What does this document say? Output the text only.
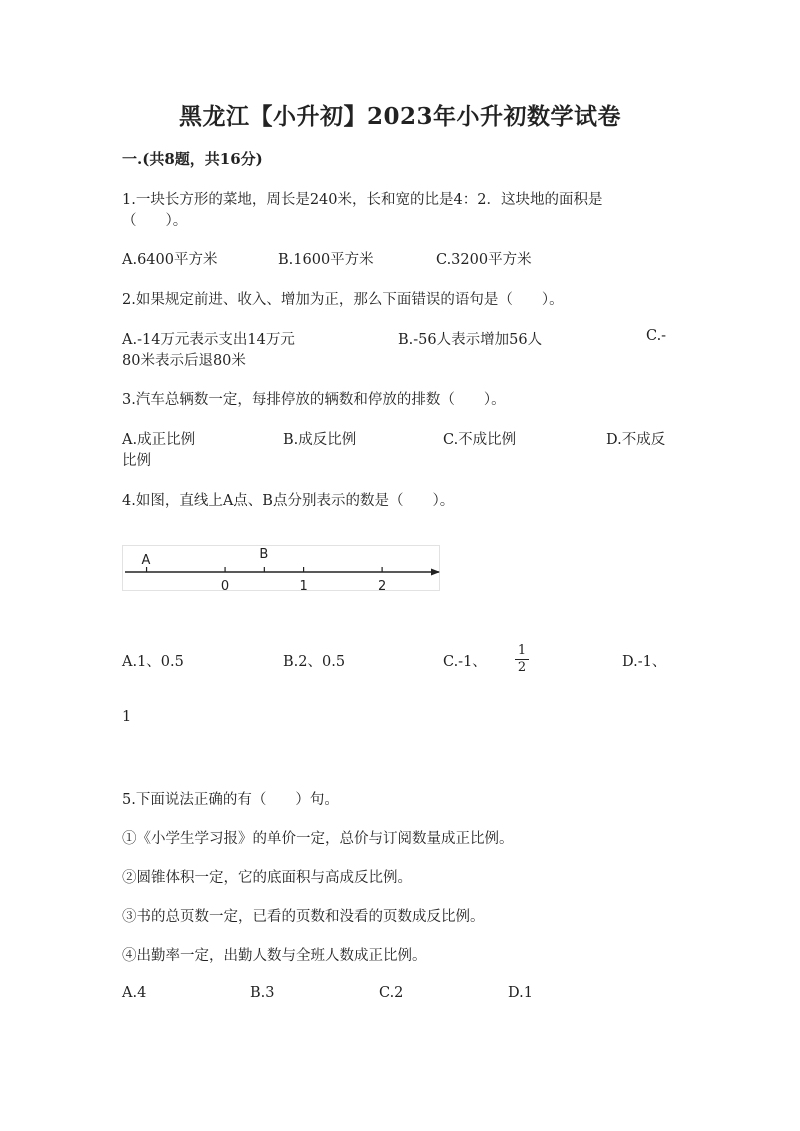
黑龙江【小升初】2023年小升初数学试卷
一.(共8题，共16分)
1.一块长方形的菜地，周长是240米，长和宽的比是4：2．这块地的面积是
（　　）。
A.6400平方米	B.1600平方米	C.3200平方米
2.如果规定前进、收入、增加为正，那么下面错误的语句是（　　）。
A.-14万元表示支出14万元	B.-56人表示增加56人	C.-
80米表示后退80米
3.汽车总辆数一定，每排停放的辆数和停放的排数（　　）。
A.成正比例	B.成反比例	C.不成比例	D.不成反
比例
4.如图，直线上A点、B点分别表示的数是（　　）。
A	B
0	1	2
A.1、0.5	B.2、0.5	C.-1、
1
2	D.-1、
1
5.下面说法正确的有（　　）句。
①《小学生学习报》的单价一定，总价与订阅数量成正比例。
②圆锥体积一定，它的底面积与高成反比例。
③书的总页数一定，已看的页数和没看的页数成反比例。
④出勤率一定，出勤人数与全班人数成正比例。
A.4	B.3	C.2	D.1
